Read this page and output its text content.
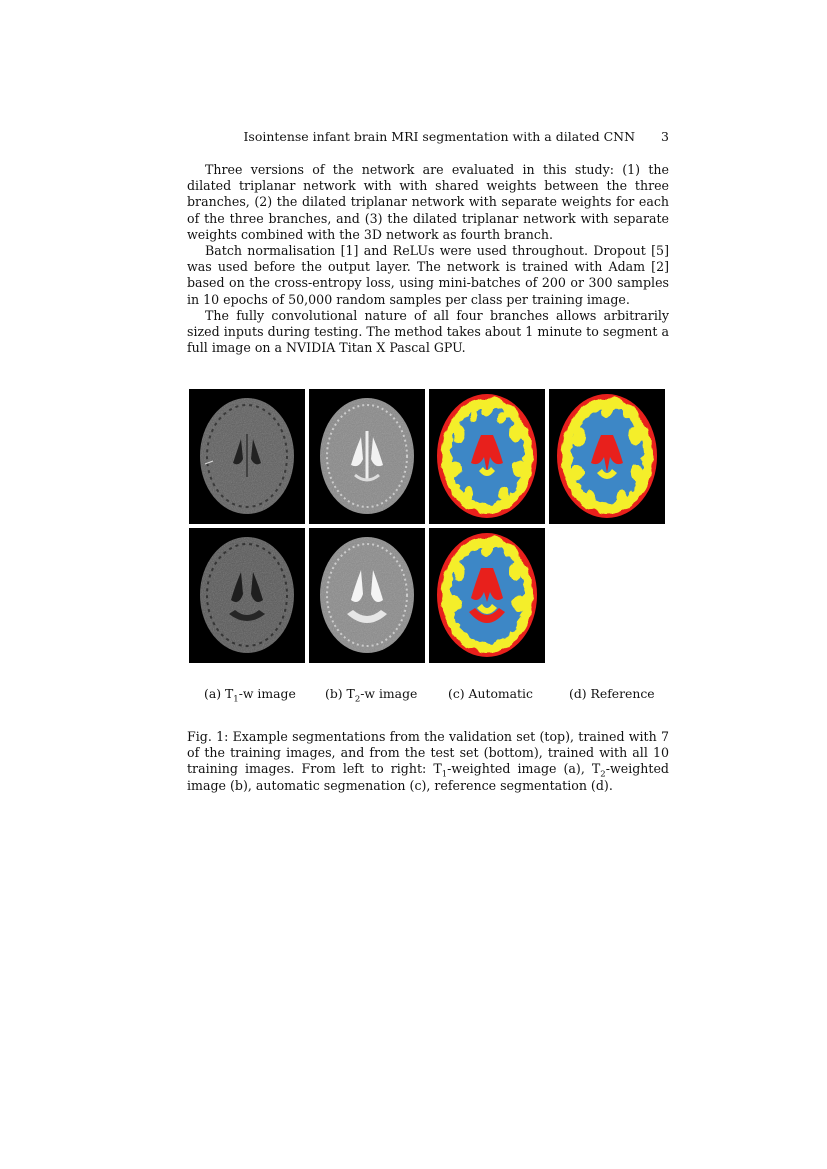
Isointense infant brain MRI segmentation with a dilated CNN 3

Three versions of the network are evaluated in this study: (1) the dilated triplanar network with with shared weights between the three branches, (2) the dilated triplanar network with separate weights for each of the three branches, and (3) the dilated triplanar network with separate weights combined with the 3D network as fourth branch.

Batch normalisation [1] and ReLUs were used throughout. Dropout [5] was used before the output layer. The network is trained with Adam [2] based on the cross-entropy loss, using mini-batches of 200 or 300 samples in 10 epochs of 50,000 random samples per class per training image.

The fully convolutional nature of all four branches allows arbitrarily sized inputs during testing. The method takes about 1 minute to segment a full image on a NVIDIA Titan X Pascal GPU.

(a) $T_1-w$ image (b) $T_2-w$ image (c) Automatic	(d) Reference
Fig. 1: Example segmentations from the validation set (top), trained with 7 of the training images, and from the test set (bottom), trained with all 10 training images. From left to right: $T_1$-weighted image (a), $T_2$-weighted image (b), automatic segmenation (c), reference segmentation (d).
